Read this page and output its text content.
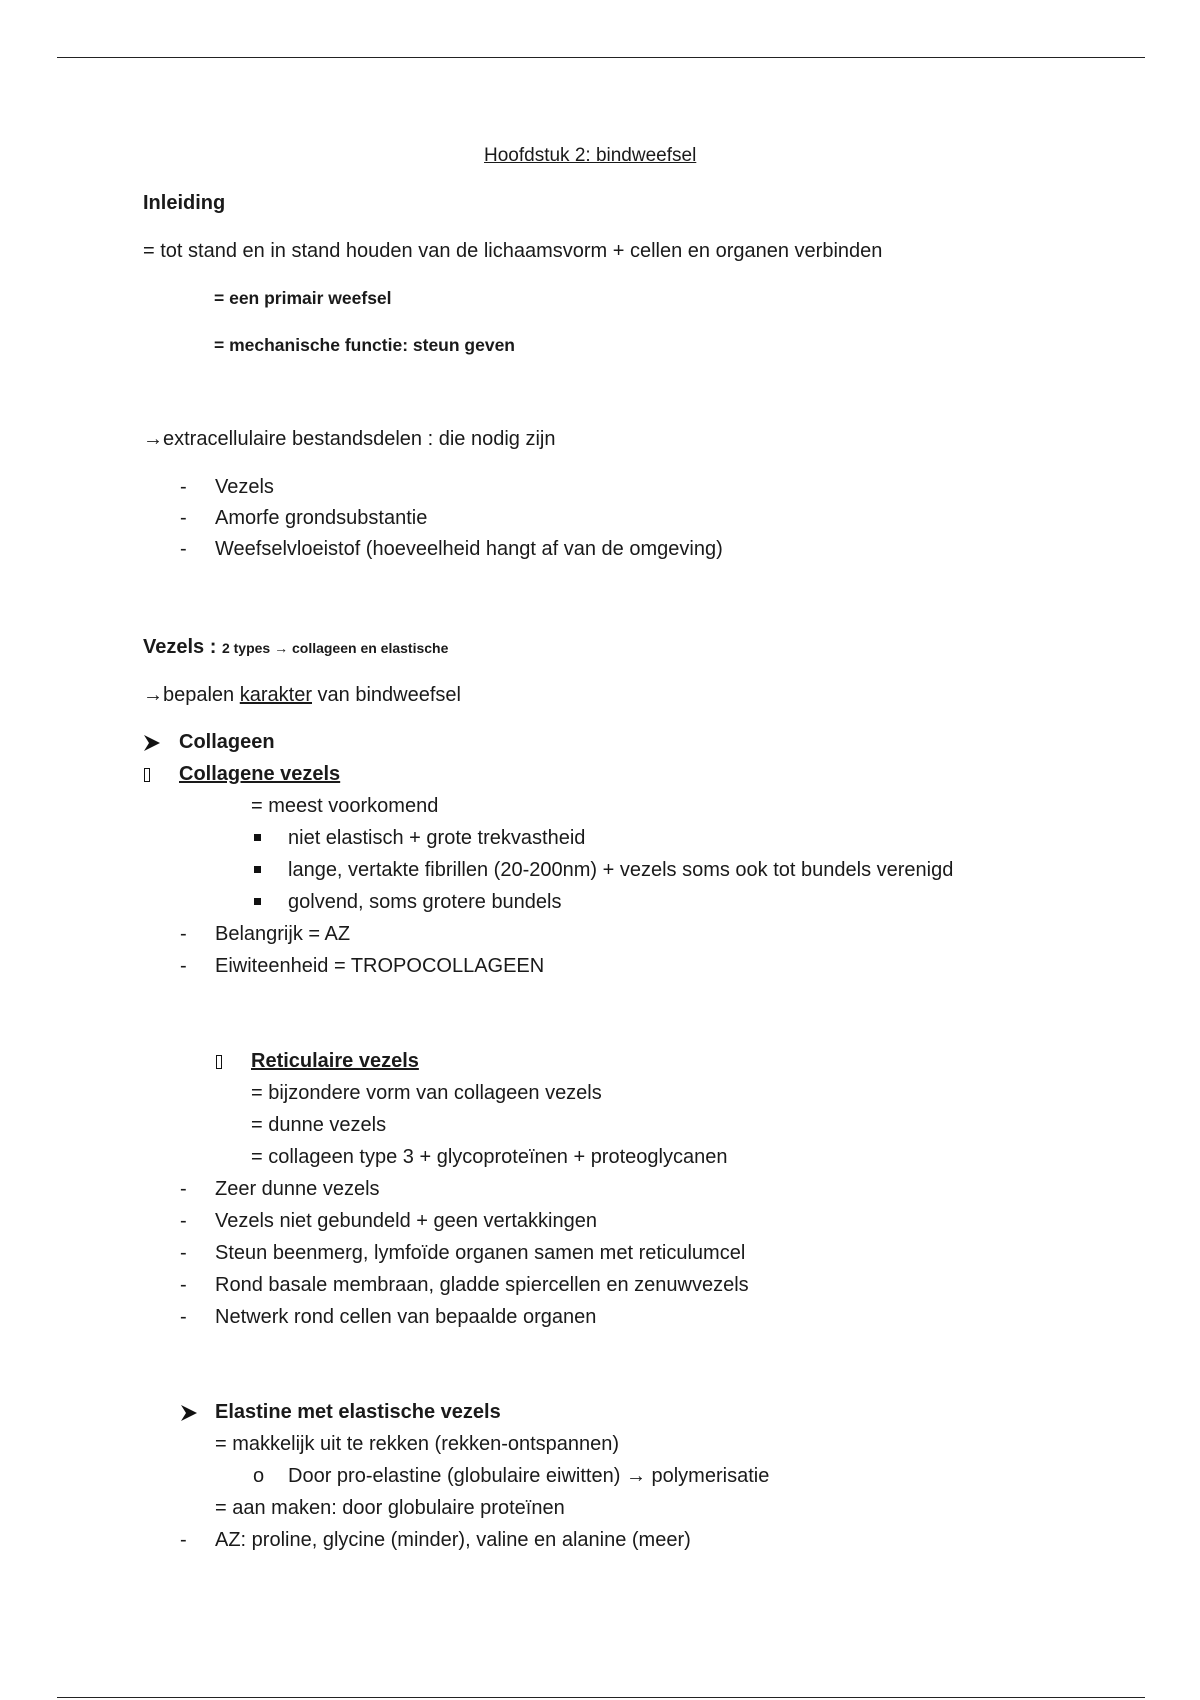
Hoofdstuk 2: bindweefsel
Inleiding
= tot stand en in stand houden van de lichaamsvorm + cellen en organen verbinden
= een primair weefsel
= mechanische functie: steun geven
→extracellulaire bestandsdelen : die nodig zijn
- Vezels
- Amorfe grondsubstantie
- Weefselvloeistof (hoeveelheid hangt af van de omgeving)
Vezels : 2 types → collageen en elastische
→bepalen karakter van bindweefsel
Collageen
Collagene vezels
= meest voorkomend
niet elastisch + grote trekvastheid
lange, vertakte fibrillen (20-200nm) + vezels soms ook tot bundels verenigd
golvend, soms grotere bundels
- Belangrijk = AZ
- Eiwiteenheid = TROPOCOLLAGEEN
Reticulaire vezels
= bijzondere vorm van collageen vezels
= dunne vezels
= collageen type 3 + glycoproteïnen + proteoglycanen
- Zeer dunne vezels
- Vezels niet gebundeld + geen vertakkingen
- Steun beenmerg, lymfoïde organen samen met reticulumcel
- Rond basale membraan, gladde spiercellen en zenuwvezels
- Netwerk rond cellen van bepaalde organen
Elastine met elastische vezels
= makkelijk uit te rekken (rekken-ontspannen)
o Door pro-elastine (globulaire eiwitten) → polymerisatie
= aan maken: door globulaire proteïnen
- AZ: proline, glycine (minder), valine en alanine (meer)
